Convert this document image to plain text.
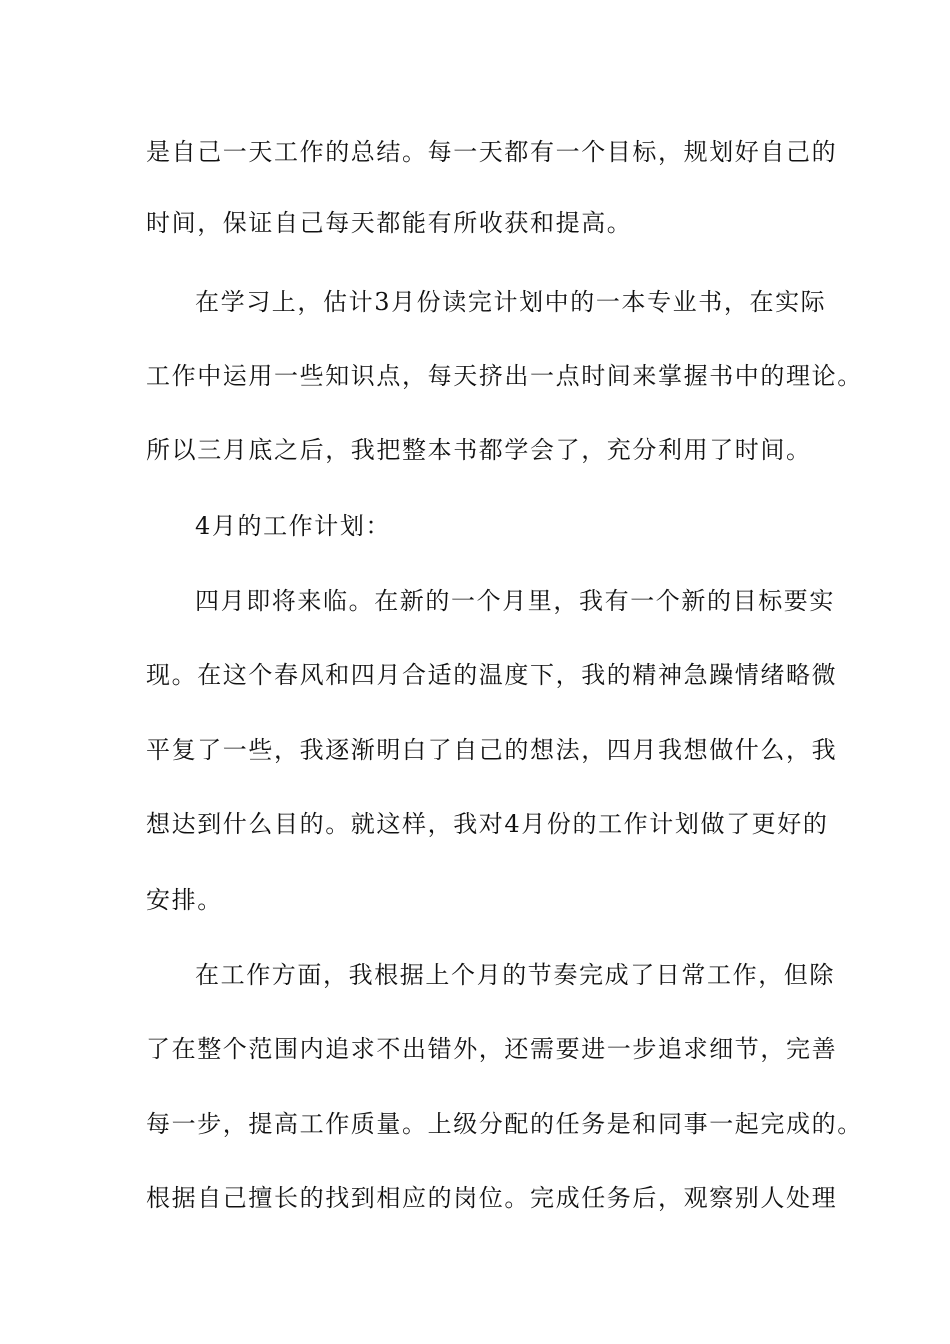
是自己一天工作的总结。每一天都有一个目标，规划好自己的
时间，保证自己每天都能有所收获和提高。
在学习上，估计3月份读完计划中的一本专业书，在实际
工作中运用一些知识点，每天挤出一点时间来掌握书中的理论。
所以三月底之后，我把整本书都学会了，充分利用了时间。
4月的工作计划：
四月即将来临。在新的一个月里，我有一个新的目标要实
现。在这个春风和四月合适的温度下，我的精神急躁情绪略微
平复了一些，我逐渐明白了自己的想法，四月我想做什么，我
想达到什么目的。就这样，我对4月份的工作计划做了更好的
安排。
在工作方面，我根据上个月的节奏完成了日常工作，但除
了在整个范围内追求不出错外，还需要进一步追求细节，完善
每一步，提高工作质量。上级分配的任务是和同事一起完成的。
根据自己擅长的找到相应的岗位。完成任务后，观察别人处理
